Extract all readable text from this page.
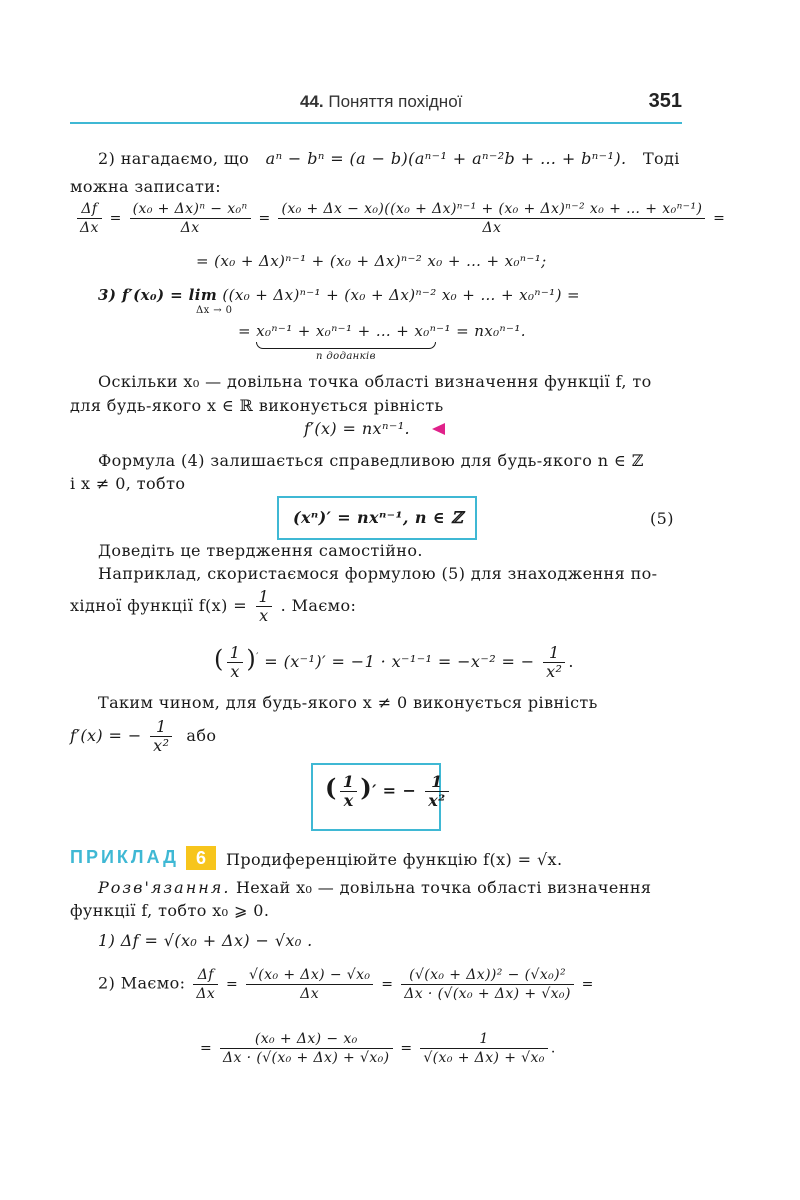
44. Поняття похідної	351
2) нагадаємо, що aⁿ − bⁿ = (a − b)(aⁿ⁻¹ + aⁿ⁻²b + … + bⁿ⁻¹). Тоді
можна записати:
$\frac{\Delta f}{\Delta x} = \frac{\text{(x₀ + Δx)ⁿ − x₀ⁿ}}{\Delta x} = \frac{\text{(x₀ + Δx − x₀)((x₀ + Δx)ⁿ⁻¹ + (x₀ + Δx)ⁿ⁻² x₀ + … + x₀ⁿ⁻¹)}}{\Delta x}$ =
= (x₀ + Δx)ⁿ⁻¹ + (x₀ + Δx)ⁿ⁻² x₀ + … + x₀ⁿ⁻¹;
3) f′(x₀) = lim ((x₀ + Δx)ⁿ⁻¹ + (x₀ + Δx)ⁿ⁻² x₀ + … + x₀ⁿ⁻¹) =
Δx → 0
= x₀ⁿ⁻¹ + x₀ⁿ⁻¹ + … + x₀ⁿ⁻¹ = nx₀ⁿ⁻¹.
n доданків
Оскільки x₀ — довільна точка області визначення функції f, то
для будь-якого x ∈ ℝ виконується рівність
f′(x) = nxⁿ⁻¹.
Формула (4) залишається справедливою для будь-якого n ∈ ℤ
і x ≠ 0, тобто
(xⁿ)′ = nxⁿ⁻¹, n ∈ ℤ	(5)
Доведіть це твердження самостійно.
Наприклад, скористаємося формулою (5) для знаходження по-
хідної функції $f(x) = \frac{1}{x}$ . Маємо:
( $\frac{1}{x} )' = (x^{-1})' = -1 \cdot x^{-1-1} = -x^{-2}$ = − $\frac{1}{\text{x²}}$ .
Таким чином, для будь-якого x ≠ 0 виконується рівність
f′(x) = − $\frac{1}{\text{x²}}$ або
( $\frac{1}{x}$ )′ = − $\frac{1}{\text{x²}}$
ПРИКЛАД 6	Продиференціюйте функцію f(x) = √x.
Розв'язання. Нехай x₀ — довільна точка області визначення
функції f, тобто x₀ ⩾ 0.
1) Δf = √(x₀ + Δx) − √x₀ .
2) Маємо: $\frac{\Delta f}{\Delta x} = \frac{\text{√(x₀ + Δx) − √x₀}}{\Delta x} = \frac{\text{(√(x₀ + Δx))² − (√x₀)²}}{\text{Δx · (√(x₀ + Δx) + √x₀)}}$ =
= $\frac{\text{(x₀ + Δx) − x₀}}{\text{Δx · (√(x₀ + Δx) + √x₀)}} = \frac{1}{\text{√(x₀ + Δx) + √x₀}}$ .
